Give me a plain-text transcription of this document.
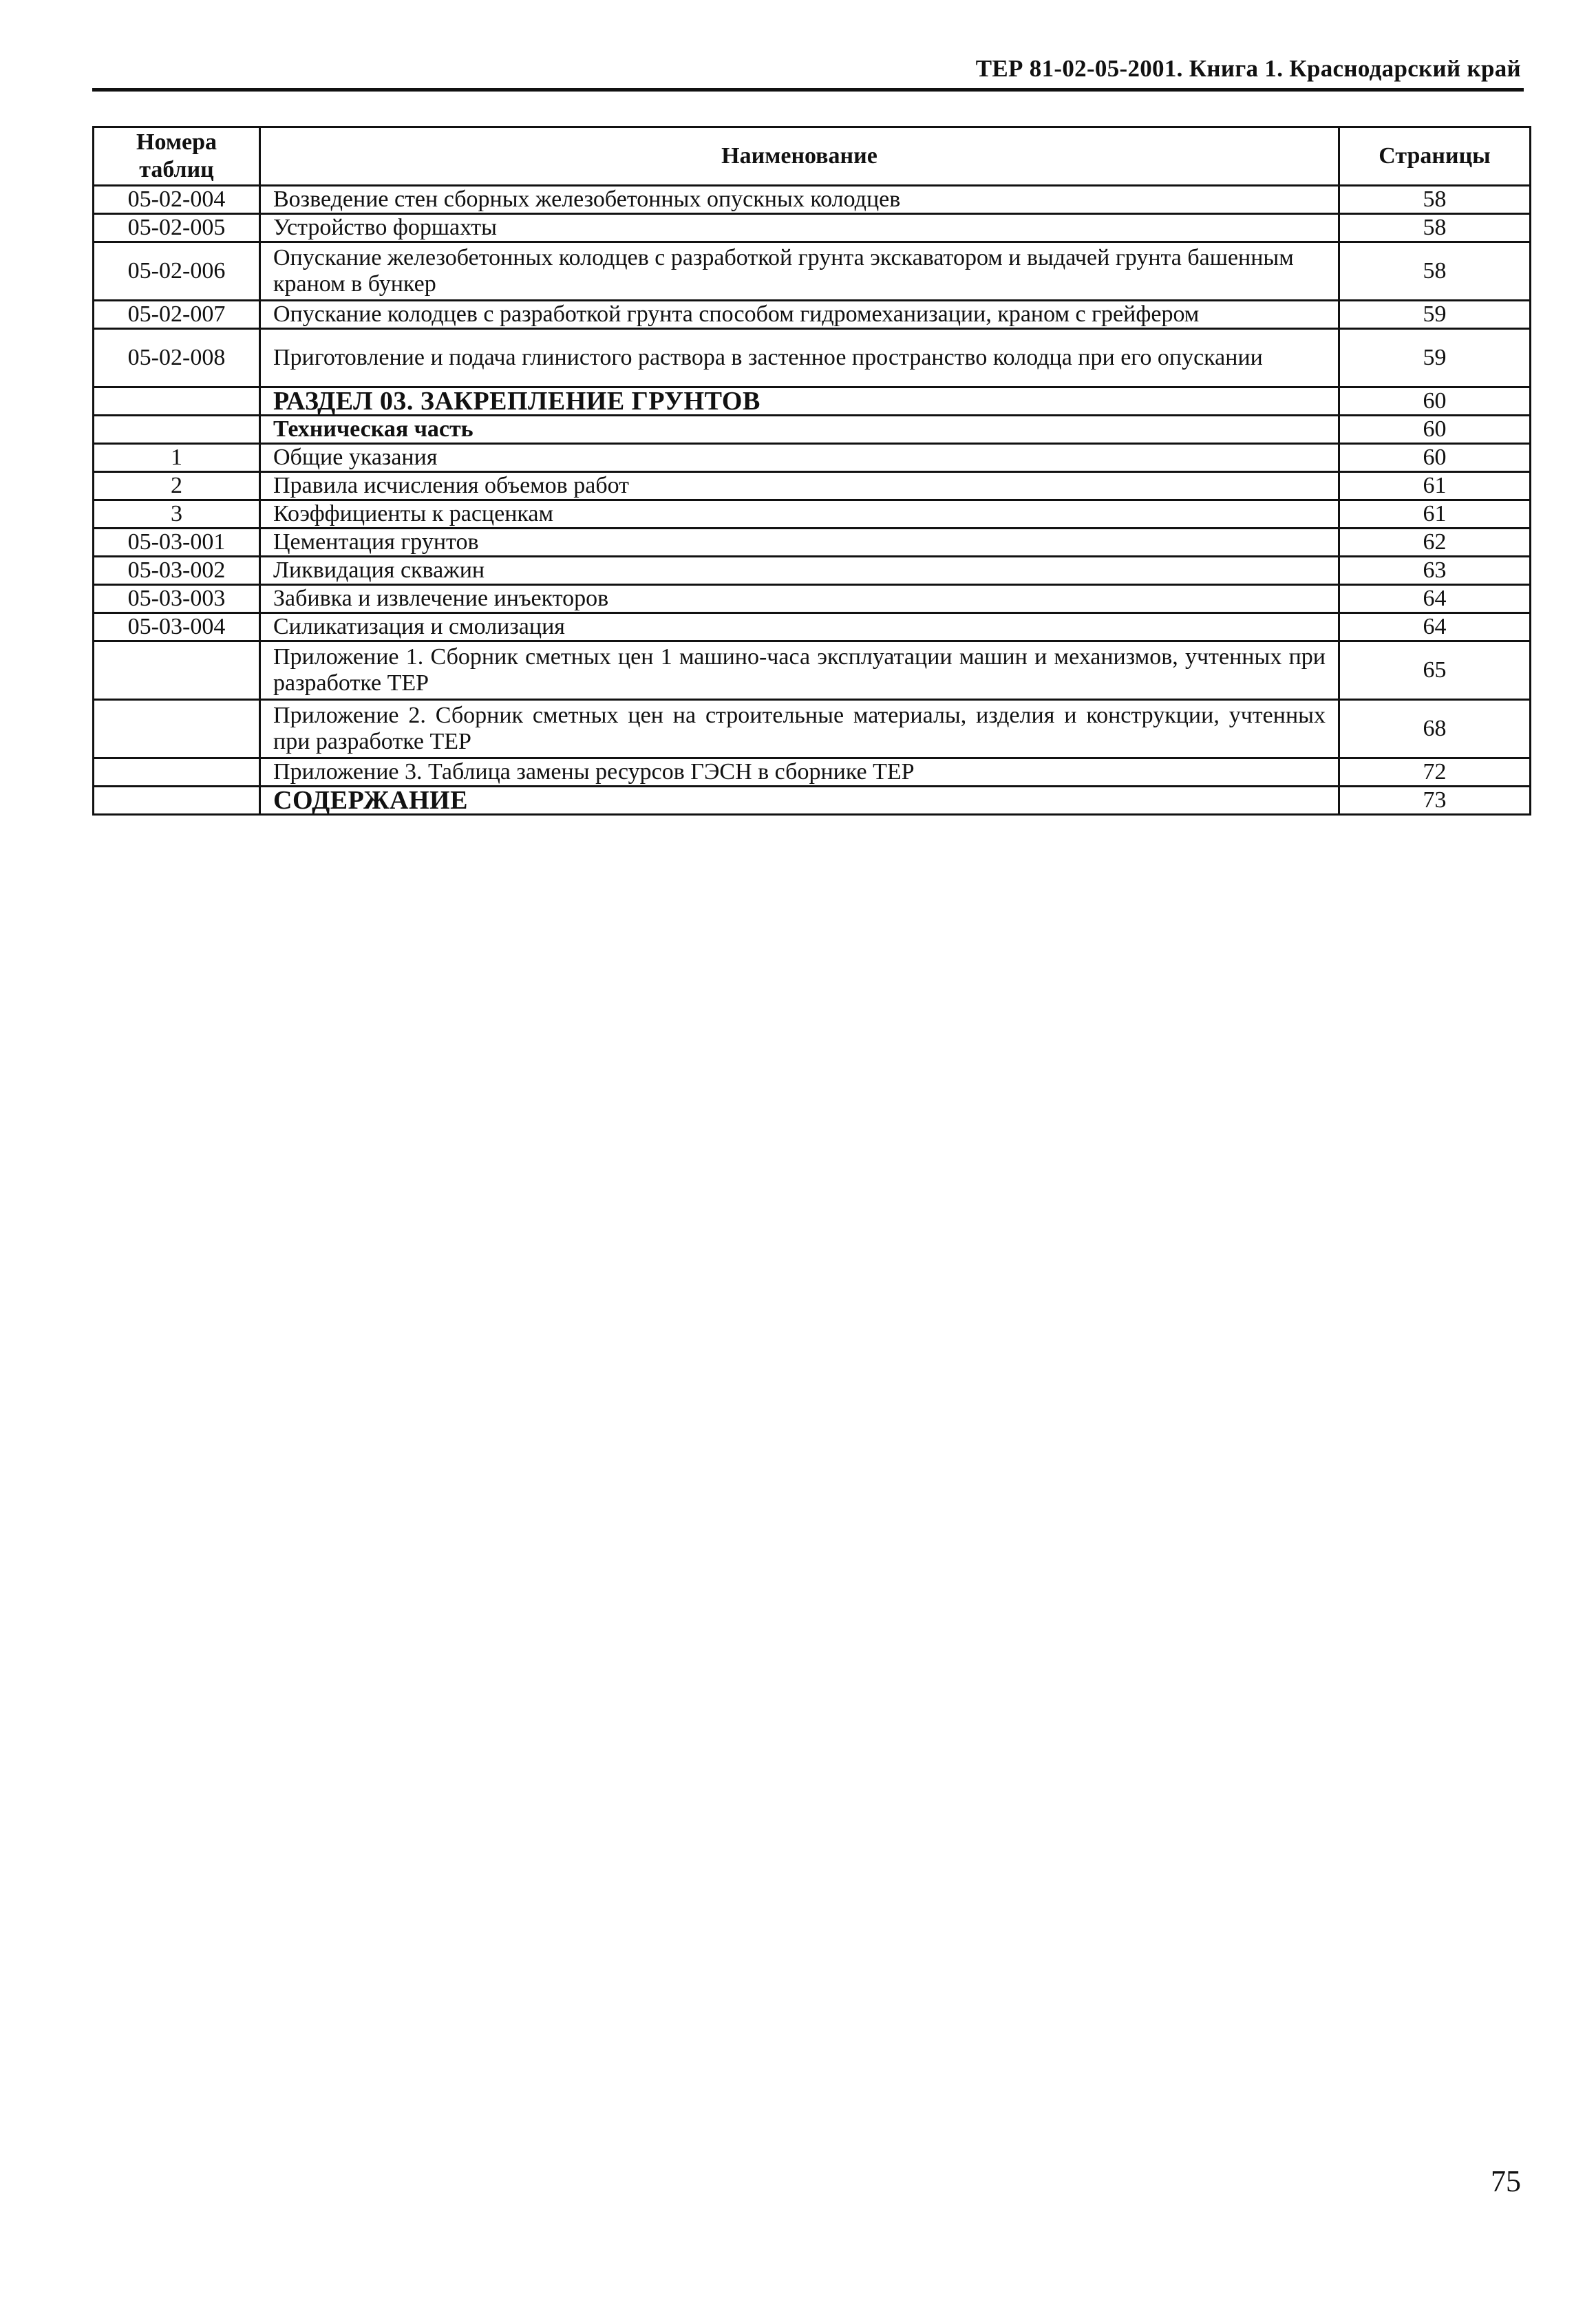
ТЕР 81-02-05-2001. Книга 1. Краснодарский край
Номера таблиц	Наименование	Страницы
05-02-004	Возведение стен сборных железобетонных опускных колодцев	58
05-02-005	Устройство форшахты	58
05-02-006	Опускание железобетонных колодцев с разработкой грунта экскаватором и выдачей грунта башенным краном в бункер	58
05-02-007	Опускание колодцев с разработкой грунта способом гидромеханизации, краном с грейфером	59
05-02-008	Приготовление и подача глинистого раствора в застенное пространство колодца при его опускании	59
	РАЗДЕЛ 03. ЗАКРЕПЛЕНИЕ ГРУНТОВ	60
	Техническая часть	60
1	Общие указания	60
2	Правила исчисления объемов работ	61
3	Коэффициенты к расценкам	61
05-03-001	Цементация грунтов	62
05-03-002	Ликвидация скважин	63
05-03-003	Забивка и извлечение инъекторов	64
05-03-004	Силикатизация и смолизация	64
	Приложение 1. Сборник сметных цен 1 машино-часа эксплуатации машин и механизмов, учтенных при разработке ТЕР	65
	Приложение 2. Сборник сметных цен на строительные материалы, изделия и конструкции, учтенных при разработке ТЕР	68
	Приложение 3. Таблица замены ресурсов ГЭСН в сборнике ТЕР	72
	СОДЕРЖАНИЕ	73
75
